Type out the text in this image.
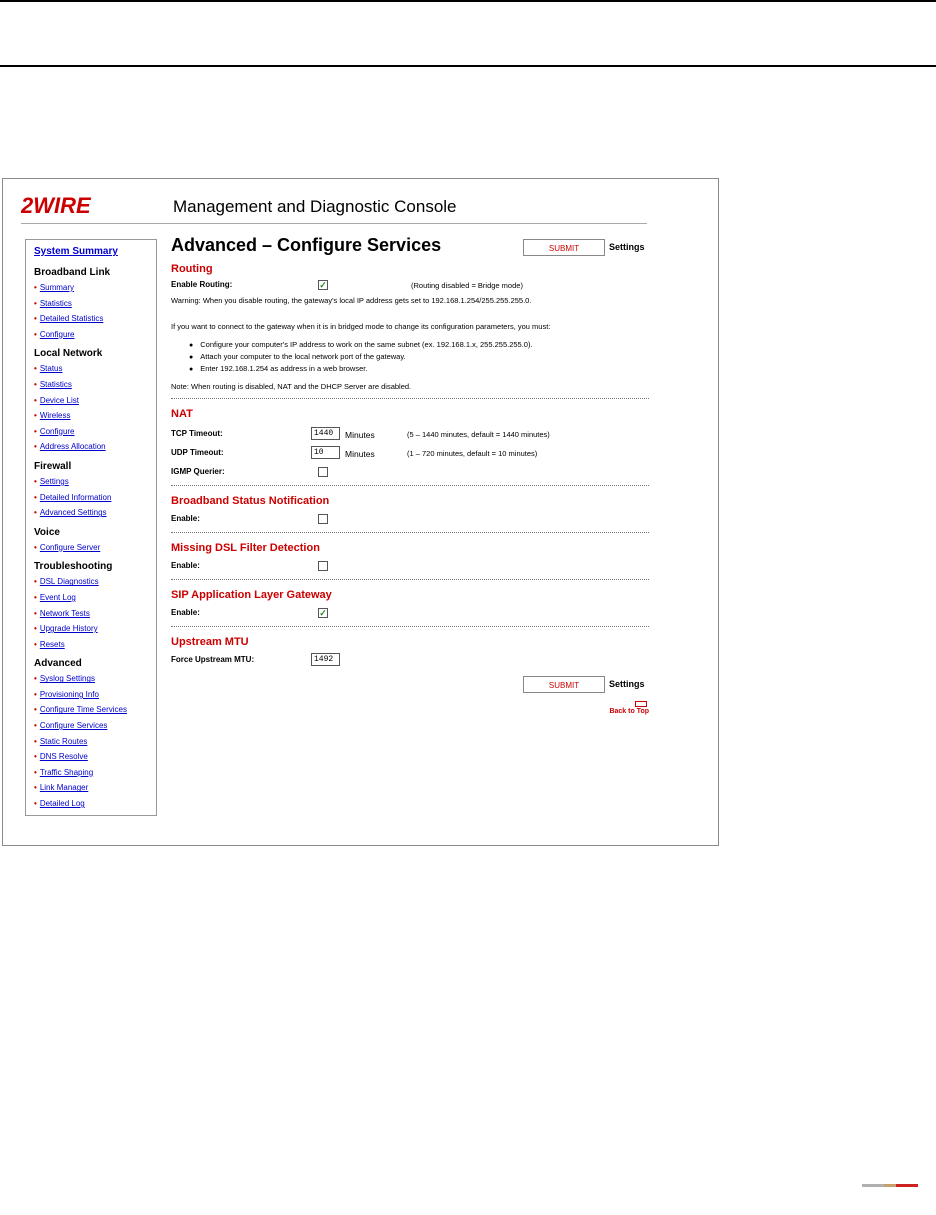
2WIRE	Management and Diagnostic Console
System Summary
Broadband Link
• Summary
• Statistics
• Detailed Statistics
• Configure
Local Network
• Status
• Statistics
• Device List
• Wireless
• Configure
• Address Allocation
Firewall
• Settings
• Detailed Information
• Advanced Settings
Voice
• Configure Server
Troubleshooting
• DSL Diagnostics
• Event Log
• Network Tests
• Upgrade History
• Resets
Advanced
• Syslog Settings
• Provisioning Info
• Configure Time Services
• Configure Services
• Static Routes
• DNS Resolve
• Traffic Shaping
• Link Manager
• Detailed Log
Advanced – Configure Services	SUBMIT	Settings
Routing
Enable Routing:	✓	(Routing disabled = Bridge mode)
Warning: When you disable routing, the gateway's local IP address gets set to 192.168.1.254/255.255.255.0.
If you want to connect to the gateway when it is in bridged mode to change its configuration parameters, you must:
● Configure your computer's IP address to work on the same subnet (ex. 192.168.1.x, 255.255.255.0).
● Attach your computer to the local network port of the gateway.
● Enter 192.168.1.254 as address in a web browser.
Note: When routing is disabled, NAT and the DHCP Server are disabled.
NAT
TCP Timeout:	1440	Minutes	(5 – 1440 minutes, default = 1440 minutes)
UDP Timeout:	10	Minutes	(1 – 720 minutes, default = 10 minutes)
IGMP Querier:
Broadband Status Notification
Enable:
Missing DSL Filter Detection
Enable:
SIP Application Layer Gateway
Enable:	✓
Upstream MTU
Force Upstream MTU:	1492
SUBMIT	Settings
Back to Top
